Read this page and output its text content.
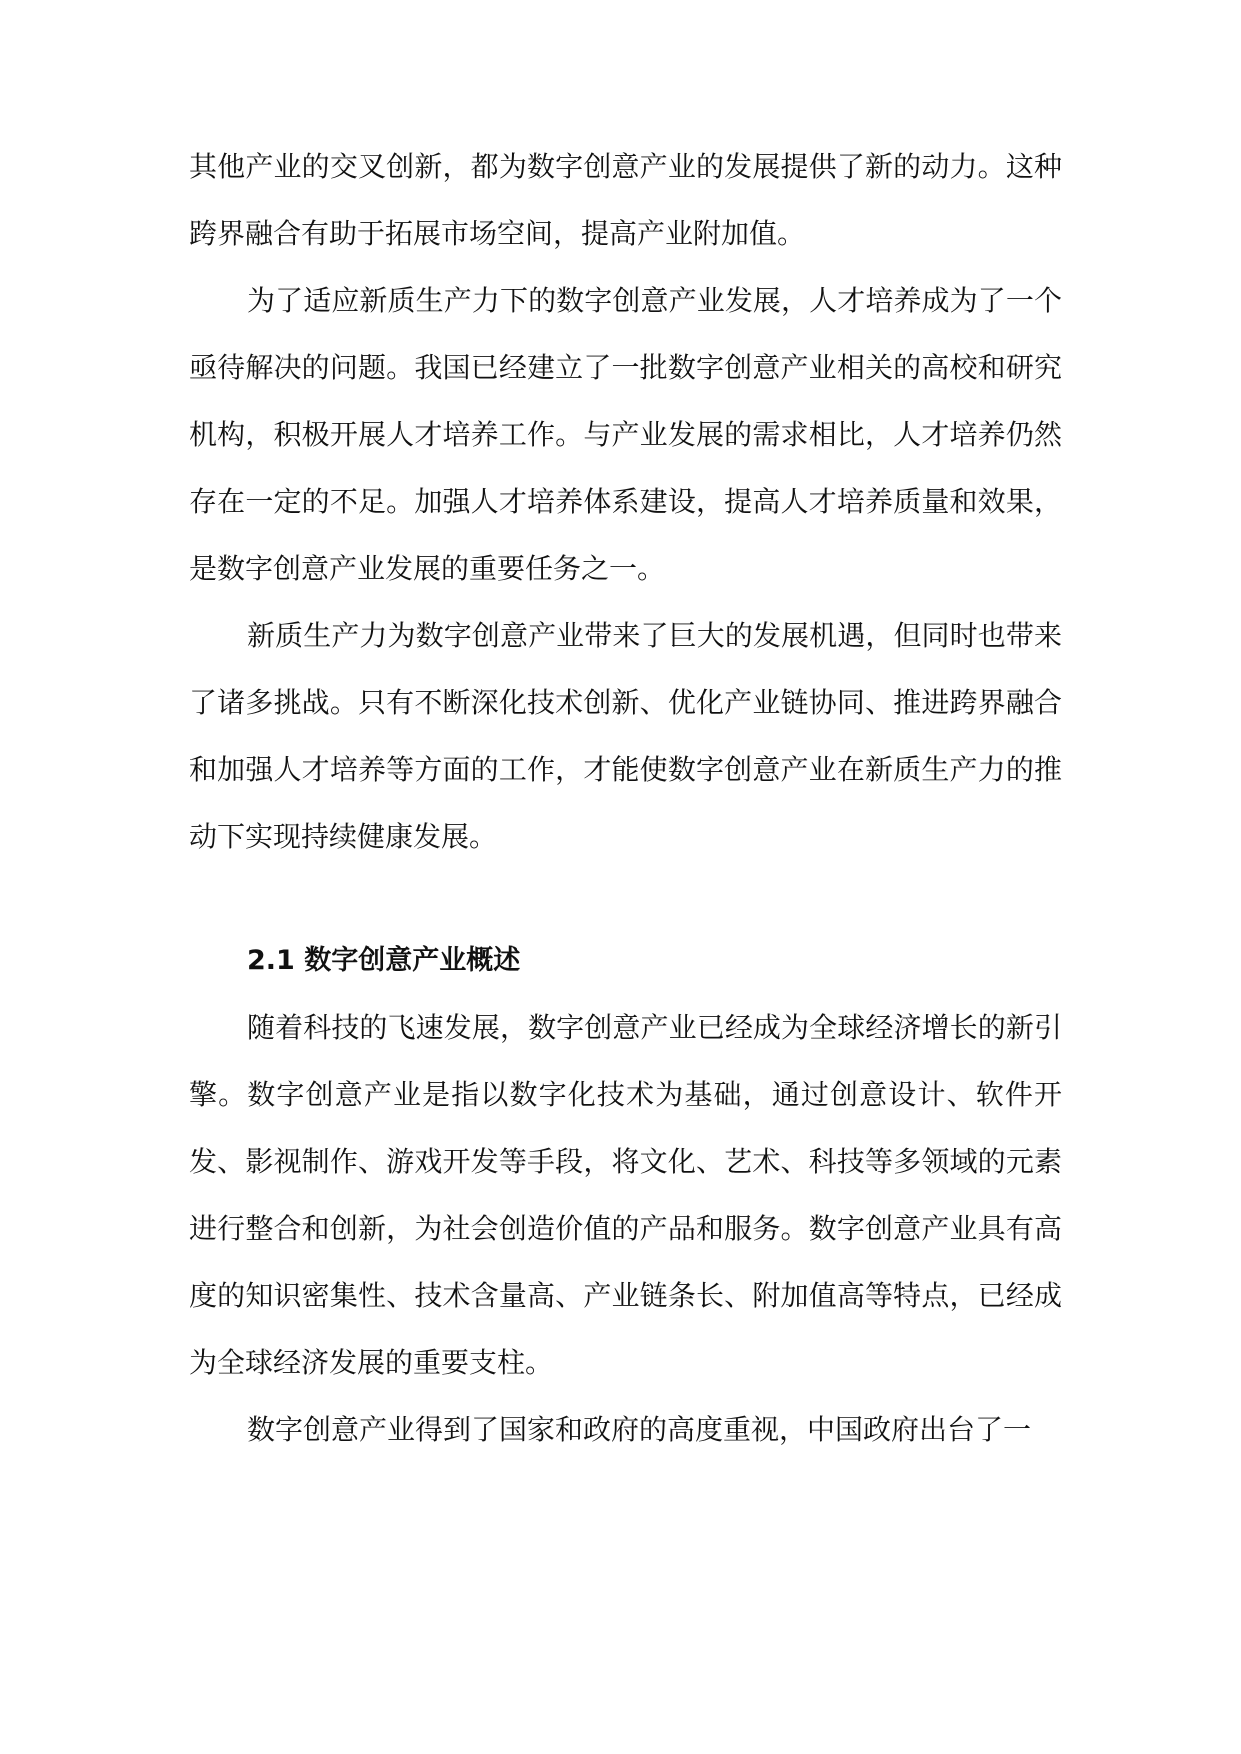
其他产业的交叉创新，都为数字创意产业的发展提供了新的动力。这种跨界融合有助于拓展市场空间，提高产业附加值。

为了适应新质生产力下的数字创意产业发展，人才培养成为了一个亟待解决的问题。我国已经建立了一批数字创意产业相关的高校和研究机构，积极开展人才培养工作。与产业发展的需求相比，人才培养仍然存在一定的不足。加强人才培养体系建设，提高人才培养质量和效果，是数字创意产业发展的重要任务之一。

新质生产力为数字创意产业带来了巨大的发展机遇，但同时也带来了诸多挑战。只有不断深化技术创新、优化产业链协同、推进跨界融合和加强人才培养等方面的工作，才能使数字创意产业在新质生产力的推动下实现持续健康发展。

2.1 数字创意产业概述

随着科技的飞速发展，数字创意产业已经成为全球经济增长的新引擎。数字创意产业是指以数字化技术为基础，通过创意设计、软件开发、影视制作、游戏开发等手段，将文化、艺术、科技等多领域的元素进行整合和创新，为社会创造价值的产品和服务。数字创意产业具有高度的知识密集性、技术含量高、产业链条长、附加值高等特点，已经成为全球经济发展的重要支柱。

数字创意产业得到了国家和政府的高度重视，中国政府出台了一
